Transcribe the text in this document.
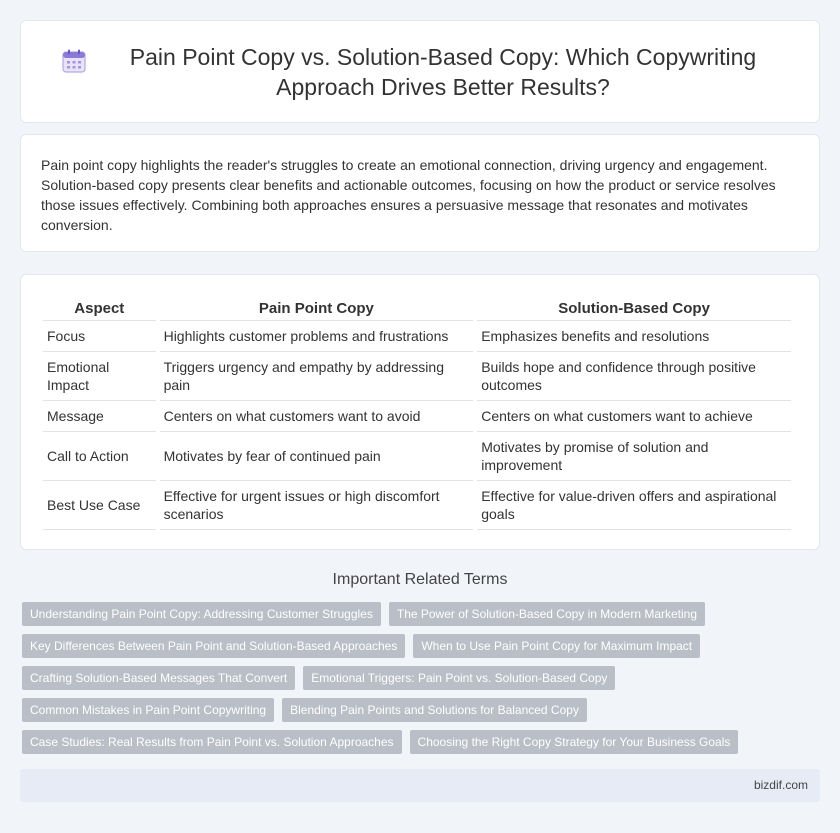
Pain Point Copy vs. Solution-Based Copy: Which Copywriting Approach Drives Better Results?

Pain point copy highlights the reader's struggles to create an emotional connection, driving urgency and engagement. Solution-based copy presents clear benefits and actionable outcomes, focusing on how the product or service resolves those issues effectively. Combining both approaches ensures a persuasive message that resonates and motivates conversion.

Aspect	Pain Point Copy	Solution-Based Copy
Focus	Highlights customer problems and frustrations	Emphasizes benefits and resolutions
Emotional Impact	Triggers urgency and empathy by addressing pain	Builds hope and confidence through positive outcomes
Message	Centers on what customers want to avoid	Centers on what customers want to achieve
Call to Action	Motivates by fear of continued pain	Motivates by promise of solution and improvement
Best Use Case	Effective for urgent issues or high discomfort scenarios	Effective for value-driven offers and aspirational goals
Important Related Terms
Understanding Pain Point Copy: Addressing Customer Struggles	The Power of Solution-Based Copy in Modern Marketing
Key Differences Between Pain Point and Solution-Based Approaches	When to Use Pain Point Copy for Maximum Impact
Crafting Solution-Based Messages That Convert	Emotional Triggers: Pain Point vs. Solution-Based Copy
Common Mistakes in Pain Point Copywriting	Blending Pain Points and Solutions for Balanced Copy
Case Studies: Real Results from Pain Point vs. Solution Approaches	Choosing the Right Copy Strategy for Your Business Goals
bizdif.com
